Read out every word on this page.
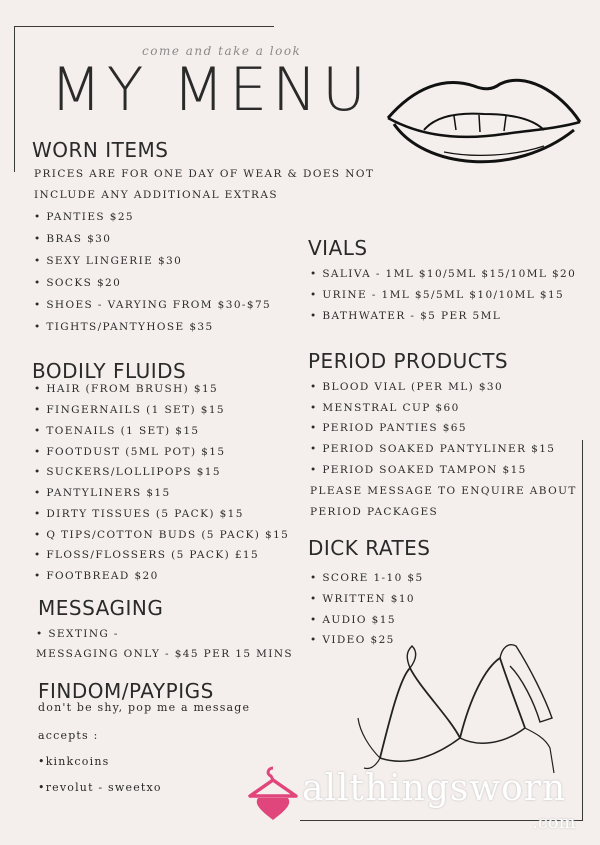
come and take a look
MY MENU
WORN ITEMS
PRICES ARE FOR ONE DAY OF WEAR & DOES NOT
INCLUDE ANY ADDITIONAL EXTRAS
• PANTIES $25
• BRAS $30
• SEXY LINGERIE $30
• SOCKS $20
• SHOES - VARYING FROM $30-$75
• TIGHTS/PANTYHOSE $35
BODILY FLUIDS
• HAIR (FROM BRUSH) $15
• FINGERNAILS (1 SET) $15
• TOENAILS (1 SET) $15
• FOOTDUST (5ML POT) $15
• SUCKERS/LOLLIPOPS $15
• PANTYLINERS $15
• DIRTY TISSUES (5 PACK) $15
• Q TIPS/COTTON BUDS (5 PACK) $15
• FLOSS/FLOSSERS (5 PACK) £15
• FOOTBREAD $20
MESSAGING
• SEXTING -
MESSAGING ONLY - $45 PER 15 MINS
FINDOM/PAYPIGS
don't be shy, pop me a message
accepts :
•kinkcoins
•revolut - sweetxo
VIALS
• SALIVA - 1ML $10/5ML $15/10ML $20
• URINE - 1ML $5/5ML $10/10ML $15
• BATHWATER - $5 PER 5ML
PERIOD PRODUCTS
• BLOOD VIAL (PER ML) $30
• MENSTRAL CUP $60
• PERIOD PANTIES $65
• PERIOD SOAKED PANTYLINER $15
• PERIOD SOAKED TAMPON $15
PLEASE MESSAGE TO ENQUIRE ABOUT
PERIOD PACKAGES
DICK RATES
• SCORE 1-10 $5
• WRITTEN $10
• AUDIO $15
• VIDEO $25
allthingsworn
.com
